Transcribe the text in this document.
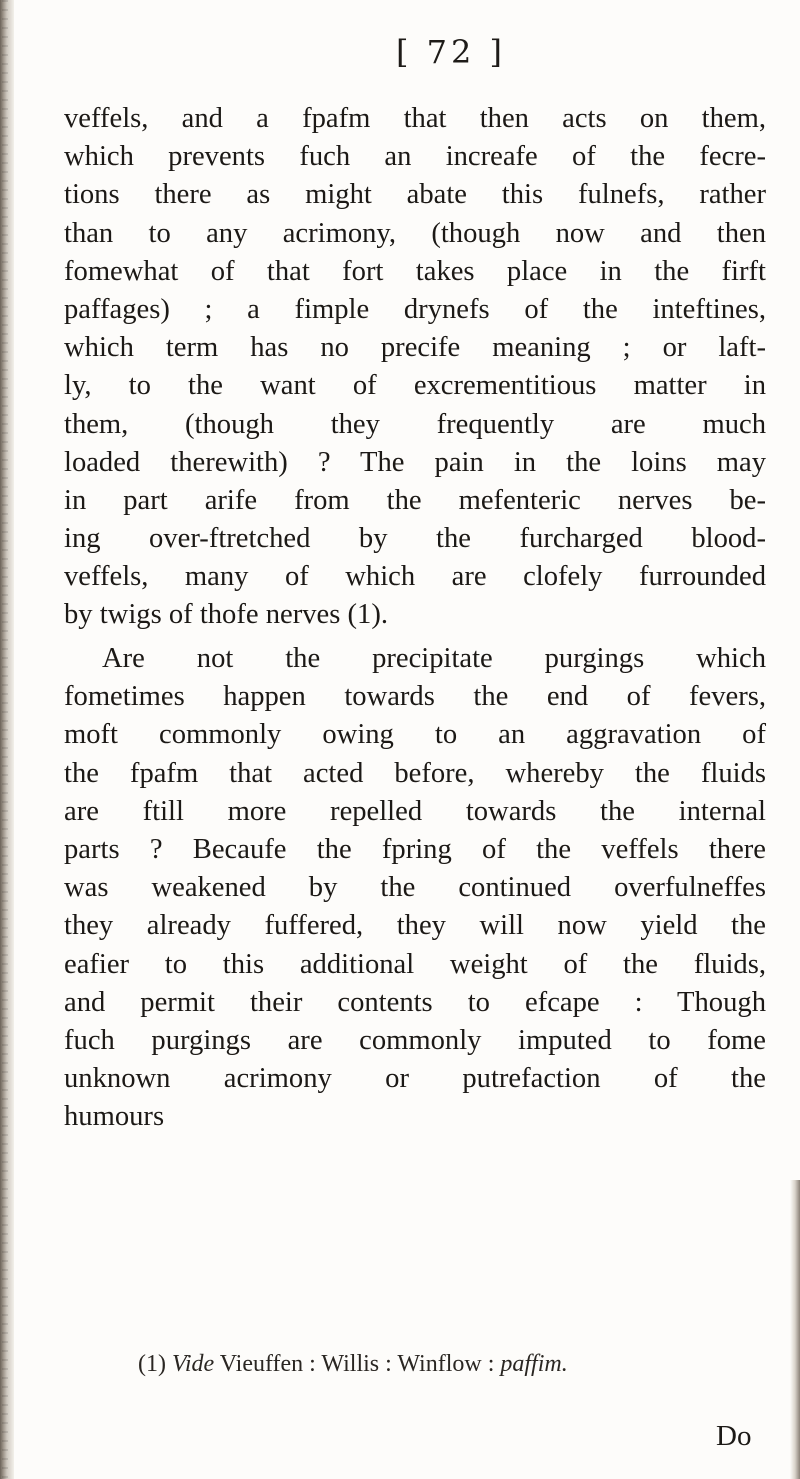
[ 72 ]
veffels, and a fpafm that then acts on them,
which prevents fuch an increafe of the fecre-
tions there as might abate this fulnefs, rather
than to any acrimony, (though now and then
fomewhat of that fort takes place in the firft
paffages) ; a fimple drynefs of the inteftines,
which term has no precife meaning ; or laft-
ly, to the want of excrementitious matter in
them, (though they frequently are much
loaded therewith) ? The pain in the loins may
in part arife from the mefenteric nerves be-
ing over-ftretched by the furcharged blood-
veffels, many of which are clofely furrounded
by twigs of thofe nerves (1).
Are not the precipitate purgings which
fometimes happen towards the end of fevers,
moft commonly owing to an aggravation of
the fpafm that acted before, whereby the fluids
are ftill more repelled towards the internal
parts ? Becaufe the fpring of the veffels there
was weakened by the continued overfulneffes
they already fuffered, they will now yield the
eafier to this additional weight of the fluids,
and permit their contents to efcape : Though
fuch purgings are commonly imputed to fome
unknown acrimony or putrefaction of the
humours
(1) Vide Vieuffen : Willis : Winflow : paffim.
Do
